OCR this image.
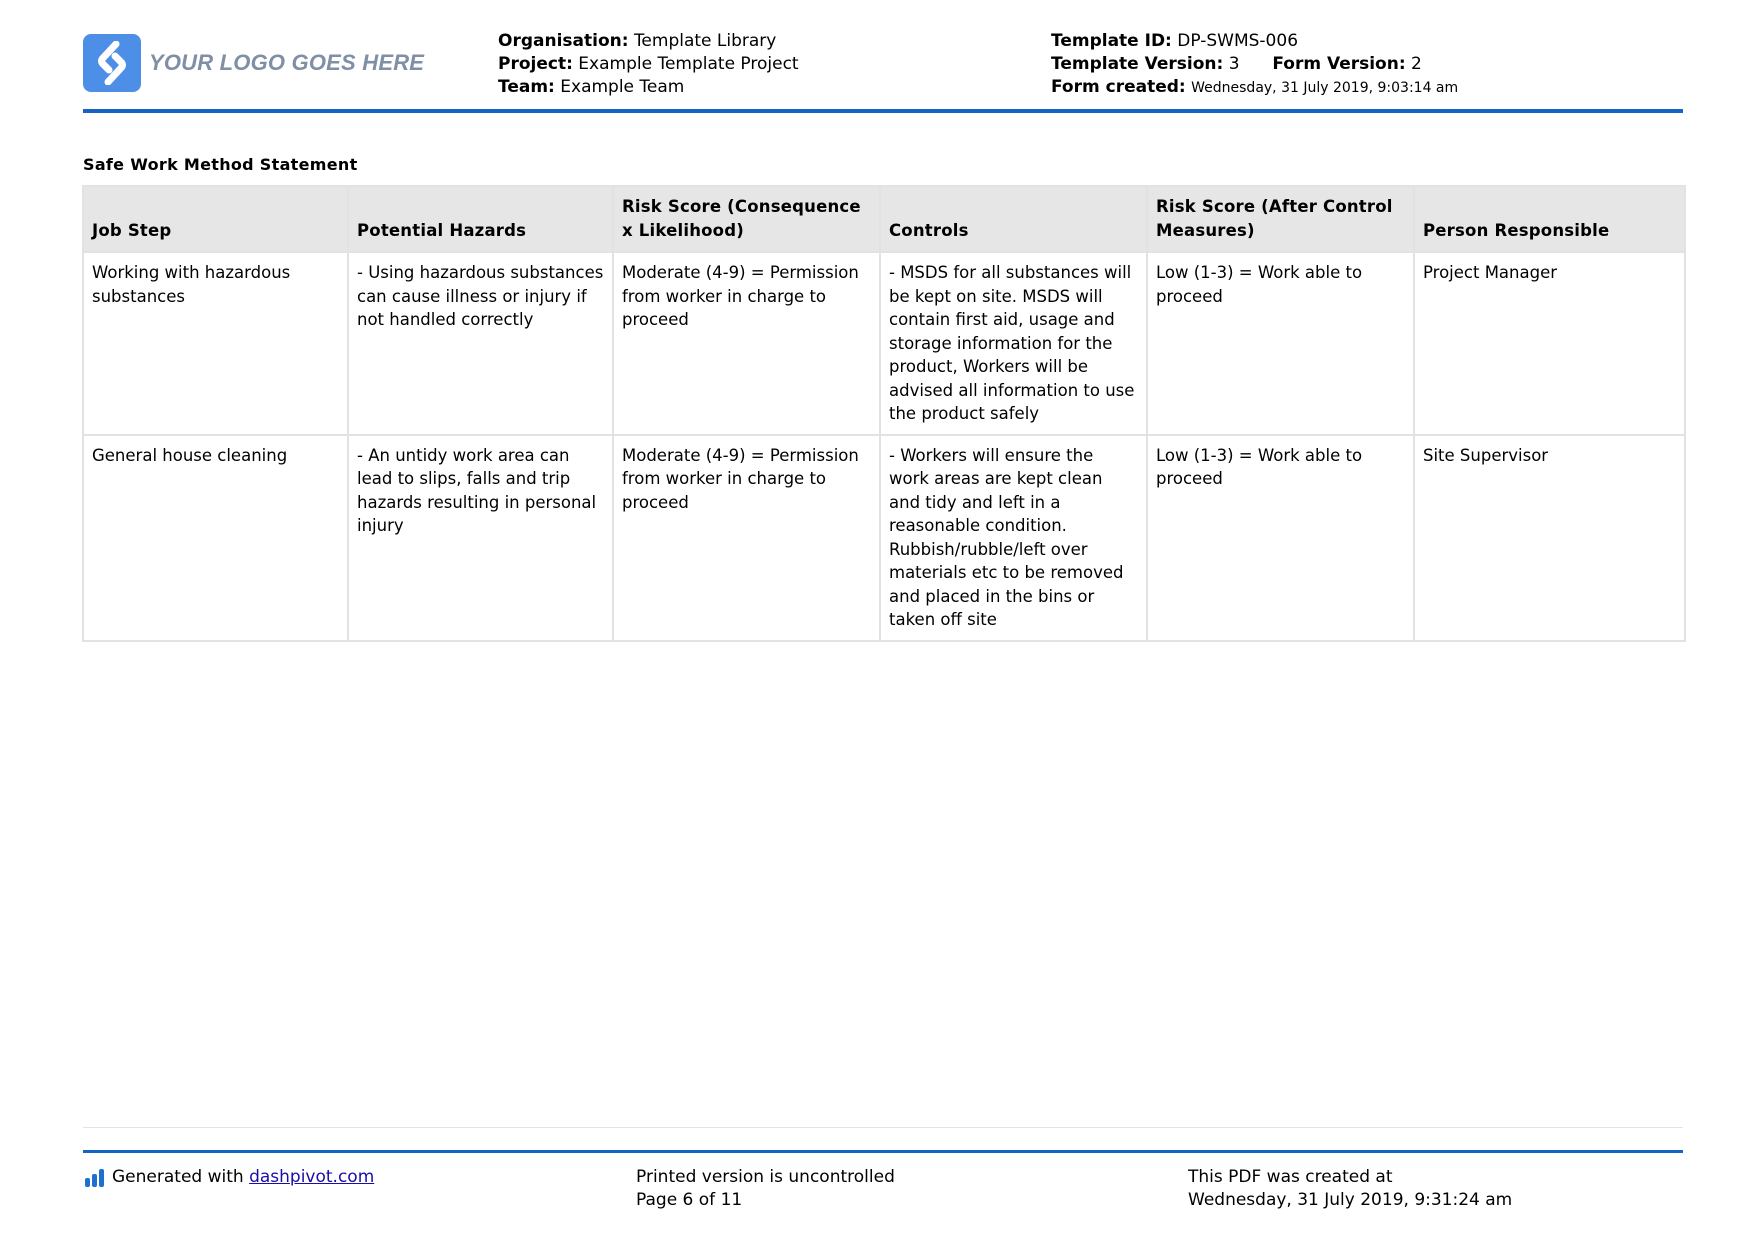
YOUR LOGO GOES HERE
Organisation: Template Library
Project: Example Template Project
Team: Example Team
Template ID: DP-SWMS-006
Template Version: 3 Form Version: 2
Form created: Wednesday, 31 July 2019, 9:03:14 am
Safe Work Method Statement
Job Step	Potential Hazards	Risk Score (Consequence x Likelihood)	Controls	Risk Score (After Control Measures)	Person Responsible
Working with hazardous substances	- Using hazardous substances can cause illness or injury if not handled correctly	Moderate (4-9) = Permission from worker in charge to proceed	- MSDS for all substances will be kept on site. MSDS will contain first aid, usage and storage information for the product, Workers will be advised all information to use the product safely	Low (1-3) = Work able to proceed	Project Manager
General house cleaning	- An untidy work area can lead to slips, falls and trip hazards resulting in personal injury	Moderate (4-9) = Permission from worker in charge to proceed	- Workers will ensure the work areas are kept clean and tidy and left in a reasonable condition. Rubbish/rubble/left over materials etc to be removed and placed in the bins or taken off site	Low (1-3) = Work able to proceed	Site Supervisor
Generated with dashpivot.com	Printed version is uncontrolled
Page 6 of 11
This PDF was created at
Wednesday, 31 July 2019, 9:31:24 am
